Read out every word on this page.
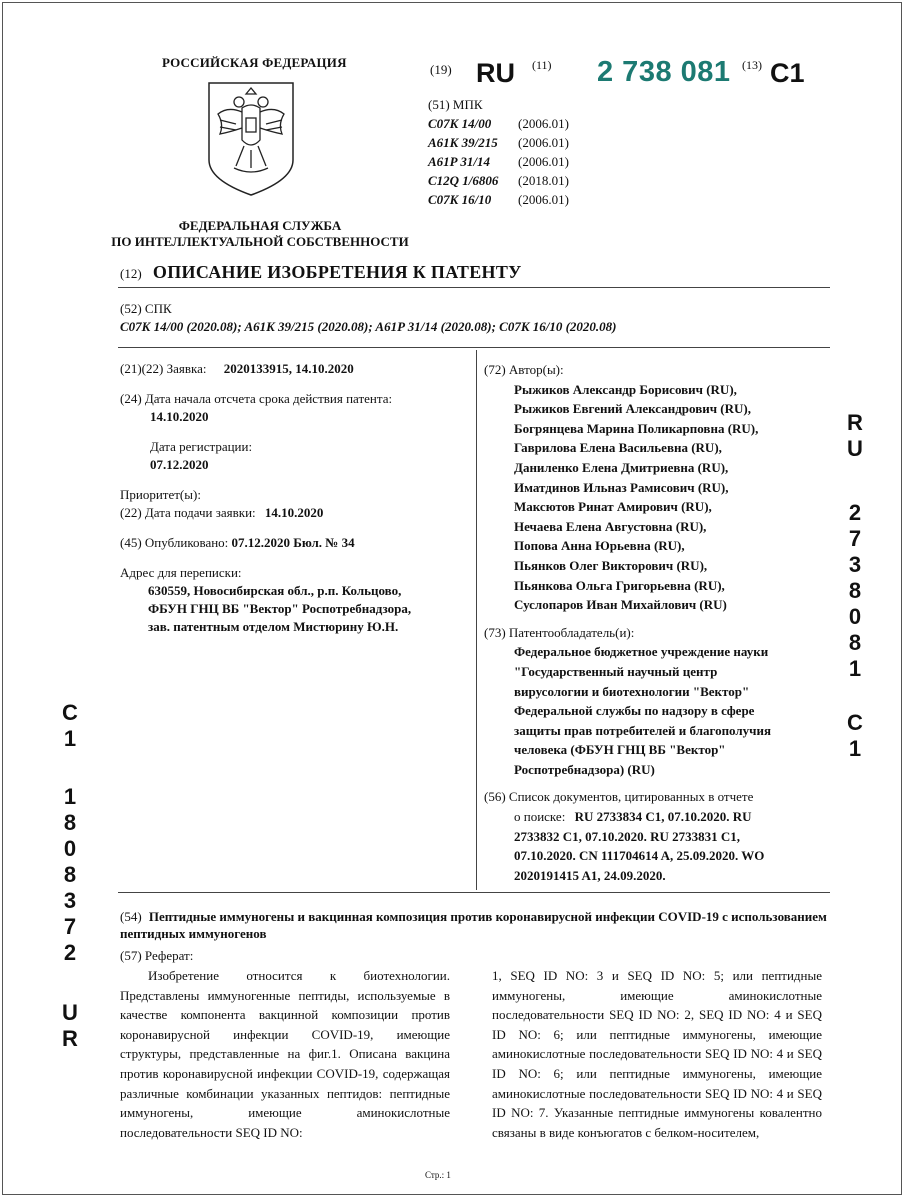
РОССИЙСКАЯ ФЕДЕРАЦИЯ
ФЕДЕРАЛЬНАЯ СЛУЖБА
ПО ИНТЕЛЛЕКТУАЛЬНОЙ СОБСТВЕННОСТИ
(19) RU (11) 2 738 081 (13) C1
(51) МПК
C07K 14/00 (2006.01)
A61K 39/215 (2006.01)
A61P 31/14 (2006.01)
C12Q 1/6806 (2018.01)
C07K 16/10 (2006.01)
(12) ОПИСАНИЕ ИЗОБРЕТЕНИЯ К ПАТЕНТУ
(52) СПК
C07K 14/00 (2020.08); A61K 39/215 (2020.08); A61P 31/14 (2020.08); C07K 16/10 (2020.08)
(21)(22) Заявка: 2020133915, 14.10.2020
(24) Дата начала отсчета срока действия патента:
14.10.2020
Дата регистрации:
07.12.2020
Приоритет(ы):
(22) Дата подачи заявки: 14.10.2020
(45) Опубликовано: 07.12.2020 Бюл. № 34
Адрес для переписки:
630559, Новосибирская обл., р.п. Кольцово,
ФБУН ГНЦ ВБ "Вектор" Роспотребнадзора,
зав. патентным отделом Мистюрину Ю.Н.
(72) Автор(ы):
Рыжиков Александр Борисович (RU),
Рыжиков Евгений Александрович (RU),
Богрянцева Марина Поликарповна (RU),
Гаврилова Елена Васильевна (RU),
Даниленко Елена Дмитриевна (RU),
Иматдинов Ильназ Рамисович (RU),
Максютов Ринат Амирович (RU),
Нечаева Елена Августовна (RU),
Попова Анна Юрьевна (RU),
Пьянков Олег Викторович (RU),
Пьянкова Ольга Григорьевна (RU),
Суслопаров Иван Михайлович (RU)
(73) Патентообладатель(и):
Федеральное бюджетное учреждение науки
"Государственный научный центр
вирусологии и биотехнологии "Вектор"
Федеральной службы по надзору в сфере
защиты прав потребителей и благополучия
человека (ФБУН ГНЦ ВБ "Вектор"
Роспотребнадзора) (RU)
(56) Список документов, цитированных в отчете
о поиске: RU 2733834 C1, 07.10.2020. RU
2733832 C1, 07.10.2020. RU 2733831 C1,
07.10.2020. CN 111704614 A, 25.09.2020. WO
2020191415 A1, 24.09.2020.
C
1
1
8
0
8
3
7
2
U
R
R
U
2
7
3
8
0
8
1
C
1
(54) Пептидные иммуногены и вакцинная композиция против коронавирусной инфекции COVID-19 с использованием пептидных иммуногенов
(57) Реферат:

Изобретение относится к биотехнологии. Представлены иммуногенные пептиды, используемые в качестве компонента вакцинной композиции против коронавирусной инфекции COVID-19, имеющие структуры, представленные на фиг.1. Описана вакцина против коронавирусной инфекции COVID-19, содержащая различные комбинации указанных пептидов: пептидные иммуногены, имеющие аминокислотные последовательности SEQ ID NO:

1, SEQ ID NO: 3 и SEQ ID NO: 5; или пептидные иммуногены, имеющие аминокислотные последовательности SEQ ID NO: 2, SEQ ID NO: 4 и SEQ ID NO: 6; или пептидные иммуногены, имеющие аминокислотные последовательности SEQ ID NO: 4 и SEQ ID NO: 6; или пептидные иммуногены, имеющие аминокислотные последовательности SEQ ID NO: 4 и SEQ ID NO: 7. Указанные пептидные иммуногены ковалентно связаны в виде конъюгатов с белком-носителем,

Стр.: 1
